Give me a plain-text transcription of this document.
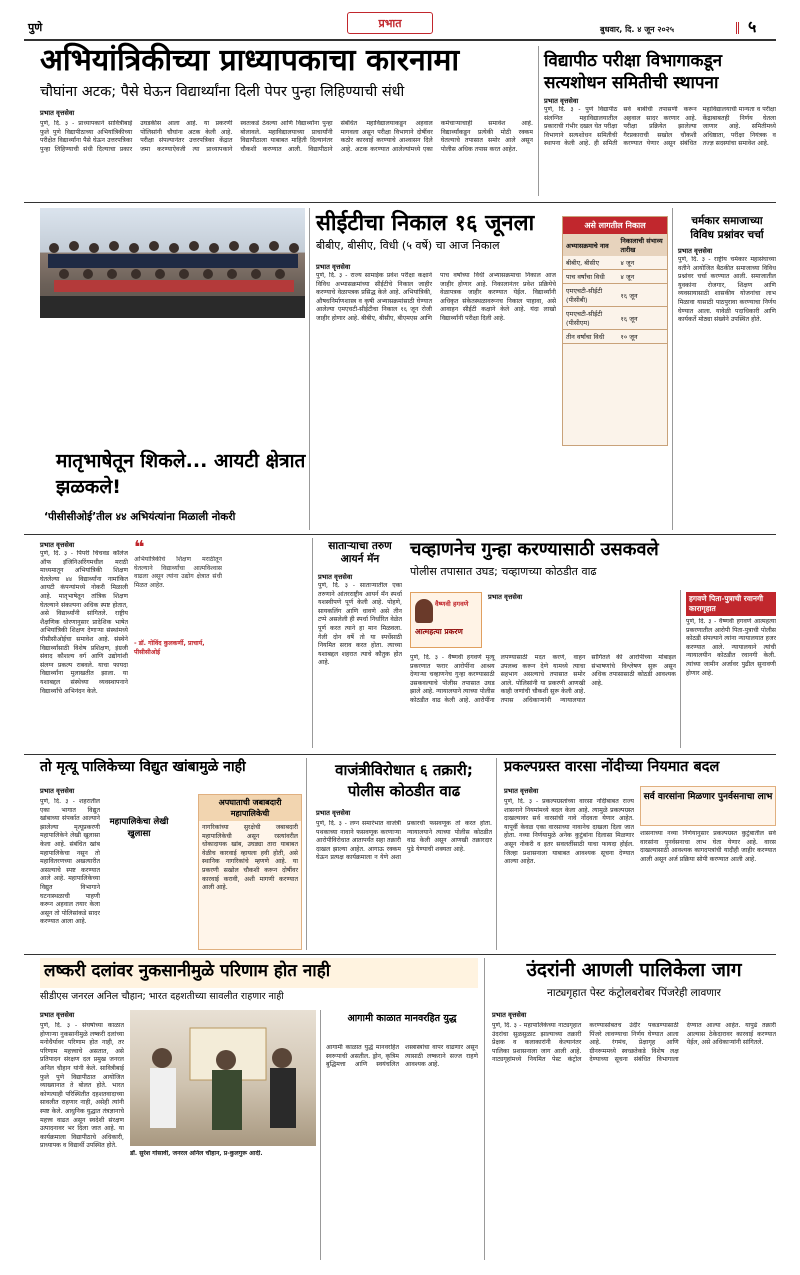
पुणे	प्रभात	बुधवार, दि. ४ जून २०२५	५
अभियांत्रिकीच्या प्राध्यापकाचा कारनामा
चौघांना अटक; पैसे घेऊन विद्यार्थ्यांना दिली पेपर पुन्हा लिहिण्याची संधी
प्रभात वृत्तसेवा
पुणे, दि. ३ - प्राध्यापकाने सावित्रीबाई फुले पुणे विद्यापीठाच्या अभियांत्रिकीच्या परीक्षेत विद्यार्थ्यांना पैसे घेऊन उत्तरपत्रिका पुन्हा लिहिण्याची संधी दिल्याचा प्रकार उघडकीस आला आहे. या प्रकरणी पोलिसांनी चौघांना अटक केली आहे. परीक्षा संपल्यानंतर उत्तरपत्रिका केंद्रात जमा करण्याऐवजी त्या प्राध्यापकाने स्वतःकडे ठेवल्या आणि विद्यार्थ्यांना पुन्हा बोलावले. महाविद्यालयाच्या प्राचार्यांनी विद्यापीठाला याबाबत माहिती दिल्यानंतर चौकशी करण्यात आली. विद्यापीठाने संबंधित महाविद्यालयाकडून अहवाल मागवला असून परीक्षा विभागाने दोषींवर कठोर कारवाई करण्याचे आश्वासन दिले आहे. अटक करण्यात आलेल्यांमध्ये एका कर्मचाऱ्याचाही समावेश आहे. विद्यार्थ्यांकडून प्रत्येकी मोठी रक्कम घेतल्याचे तपासात समोर आले असून पोलीस अधिक तपास करत आहेत.
विद्यापीठ परीक्षा विभागाकडून सत्यशोधन समितीची स्थापना
प्रभात वृत्तसेवा
पुणे, दि. ३ - पुणे विद्यापीठ संलग्नित महाविद्यालयातील प्रकाराची गंभीर दखल घेत परीक्षा विभागाने सत्यशोधन समितीची स्थापना केली आहे. ही समिती सर्व बाबींची तपासणी करून अहवाल सादर करणार आहे. परीक्षा प्रक्रियेत झालेल्या गैरप्रकाराची सखोल चौकशी करण्यात येणार असून संबंधित महाविद्यालयाची मान्यता व परीक्षा केंद्राबाबतही निर्णय घेतला जाणार आहे. समितीमध्ये अधिष्ठाता, परीक्षा नियंत्रक व तज्ज्ञ सदस्यांचा समावेश आहे.
मातृभाषेतून शिकले... आयटी क्षेत्रात झळकले!
‘पीसीसीओई’तील ४४ अभियंत्यांना मिळाली नोकरी
सीईटीचा निकाल १६ जूनला
बीबीए, बीसीए, विधी (५ वर्षे) चा आज निकाल
प्रभात वृत्तसेवा
पुणे, दि. ३ - राज्य सामाईक प्रवेश परीक्षा कक्षाने विविध अभ्यासक्रमांच्या सीईटीचे निकाल जाहीर करण्याचे वेळापत्रक प्रसिद्ध केले आहे. अभियांत्रिकी, औषधनिर्माणशास्त्र व कृषी अभ्यासक्रमांसाठी घेण्यात आलेल्या एमएचटी-सीईटीचा निकाल १६ जून रोजी जाहीर होणार आहे. बीबीए, बीसीए, बीएमएस आणि पाच वर्षांच्या विधी अभ्यासक्रमाचा निकाल आज जाहीर होणार आहे. निकालानंतर प्रवेश प्रक्रियेचे वेळापत्रक जाहीर करण्यात येईल. विद्यार्थ्यांनी अधिकृत संकेतस्थळावरूनच निकाल पाहावा, असे आवाहन सीईटी कक्षाने केले आहे. यंदा लाखो विद्यार्थ्यांनी परीक्षा दिली आहे.
असे लागतील निकाल
अभ्यासक्रमाचे नाव	निकालाची संभाव्य तारीख
बीबीए, बीसीए	४ जून
पाच वर्षांचा विधी	४ जून
एमएचटी-सीईटी (पीसीबी)	१६ जून
एमएचटी-सीईटी (पीसीएम)	१६ जून
तीन वर्षांचा विधी	१० जून
चर्मकार समाजाच्या विविध प्रश्नांवर चर्चा
प्रभात वृत्तसेवा
पुणे, दि. ३ - राष्ट्रीय चर्मकार महासंघाच्या वतीने आयोजित बैठकीत समाजाच्या विविध प्रश्नांवर चर्चा करण्यात आली. समाजातील युवकांना रोजगार, शिक्षण आणि व्यवसायासाठी शासकीय योजनांचा लाभ मिळावा यासाठी पाठपुरावा करण्याचा निर्णय घेण्यात आला. यावेळी पदाधिकारी आणि कार्यकर्ते मोठ्या संख्येने उपस्थित होते.
प्रभात वृत्तसेवा
पुणे, दि. ३ - पिंपरी चिंचवड कॉलेज ऑफ इंजिनिअरिंगमधील मराठी माध्यमातून अभियांत्रिकी शिक्षण घेतलेल्या ४४ विद्यार्थ्यांना नामांकित आयटी कंपन्यांमध्ये नोकरी मिळाली आहे. मातृभाषेतून तांत्रिक शिक्षण घेतल्याने संकल्पना अधिक स्पष्ट होतात, असे विद्यार्थ्यांनी सांगितले. राष्ट्रीय शैक्षणिक धोरणानुसार प्रादेशिक भाषेत अभियांत्रिकी शिक्षण देणाऱ्या संस्थांमध्ये पीसीसीओईचा समावेश आहे. संस्थेने विद्यार्थ्यांसाठी विशेष प्रशिक्षण, इंग्रजी संवाद कौशल्य वर्ग आणि उद्योगांशी संलग्न प्रकल्प राबवले. याचा फायदा विद्यार्थ्यांना मुलाखतीत झाला. या यशाबद्दल संस्थेच्या व्यवस्थापनाने विद्यार्थ्यांचे अभिनंदन केले.
❝
अभियांत्रिकीचे शिक्षण मराठीतून घेतल्याने विद्यार्थ्यांचा आत्मविश्वास वाढला असून त्यांना उद्योग क्षेत्रात संधी मिळत आहेत.
- डॉ. गोविंद कुलकर्णी, प्राचार्य, पीसीसीओई
साताऱ्याचा तरुण आयर्न मॅन
प्रभात वृत्तसेवा
पुणे, दि. ३ - साताऱ्यातील एका तरुणाने आंतरराष्ट्रीय आयर्न मॅन स्पर्धा यशस्वीपणे पूर्ण केली आहे. पोहणे, सायकलिंग आणि धावणे असे तीन टप्पे असलेली ही स्पर्धा निर्धारित वेळेत पूर्ण करत त्याने हा मान मिळवला. गेली दोन वर्षे तो या स्पर्धेसाठी नियमित सराव करत होता. त्याच्या यशाबद्दल शहरात त्याचे कौतुक होत आहे.
चव्हाणनेच गुन्हा करण्यासाठी उसकवले
पोलीस तपासात उघड; चव्हाणच्या कोठडीत वाढ
वैष्णवी हगवणे
आत्महत्या प्रकरण
प्रभात वृत्तसेवा
पुणे, दि. ३ - वैष्णवी हगवणे मृत्यू प्रकरणात फरार आरोपींना आश्रय देणाऱ्या चव्हाणनेच गुन्हा करण्यासाठी उसकवल्याचे पोलीस तपासात उघड झाले आहे. न्यायालयाने त्याच्या पोलीस कोठडीत वाढ केली आहे. आरोपींना लपण्यासाठी मदत करणे, वाहन उपलब्ध करून देणे यामध्ये त्याचा सहभाग असल्याचे तपासात समोर आले. पोलिसांनी या प्रकरणी आणखी काही जणांची चौकशी सुरू केली आहे. तपास अधिकाऱ्यांनी न्यायालयात सांगितले की आरोपींच्या मोबाइल संभाषणांचे विश्लेषण सुरू असून अधिक तपासासाठी कोठडी आवश्यक आहे.
हगवणे पिता-पुत्राची रवानगी कारागृहात
पुणे, दि. ३ - वैष्णवी हगवणे आत्महत्या प्रकरणातील आरोपी पिता-पुत्राची पोलीस कोठडी संपल्याने त्यांना न्यायालयात हजर करण्यात आले. न्यायालयाने त्यांची न्यायालयीन कोठडीत रवानगी केली. त्यांच्या जामीन अर्जावर पुढील सुनावणी होणार आहे.
तो मृत्यू पालिकेच्या विद्युत खांबामुळे नाही
प्रभात वृत्तसेवा
पुणे, दि. ३ - शहरातील एका भागात विद्युत खांबाच्या संपर्कात आल्याने झालेल्या मृत्यूप्रकरणी महापालिकेने लेखी खुलासा केला आहे. संबंधित खांब महापालिकेचा नसून तो महावितरणच्या अखत्यारीत असल्याचे स्पष्ट करण्यात आले आहे. महापालिकेच्या विद्युत विभागाने घटनास्थळाची पाहणी करून अहवाल तयार केला असून तो पोलिसांकडे सादर करण्यात आला आहे.
महापालिकेचा लेखी खुलासा
अपघाताची जबाबदारी महापालिकेची
नागरिकांच्या सुरक्षेची जबाबदारी महापालिकेची असून रस्त्यांवरील धोकादायक खांब, उघड्या तारा याबाबत वेळीच कारवाई व्हायला हवी होती, असे स्थानिक नागरिकांचे म्हणणे आहे. या प्रकरणी सखोल चौकशी करून दोषींवर कारवाई करावी, अशी मागणी करण्यात आली आहे.
वाजंत्रीविरोधात ६ तक्रारी; पोलीस कोठडीत वाढ
प्रभात वृत्तसेवा
पुणे, दि. ३ - लग्न समारंभात वाजंत्री पथकाच्या नावाने फसवणूक करणाऱ्या आरोपीविरोधात आतापर्यंत सहा तक्रारी दाखल झाल्या आहेत. आगाऊ रक्कम घेऊन प्रत्यक्ष कार्यक्रमाला न येणे अशा प्रकारची फसवणूक तो करत होता. न्यायालयाने त्याच्या पोलीस कोठडीत वाढ केली असून आणखी तक्रारदार पुढे येण्याची शक्यता आहे.
प्रकल्पग्रस्त वारसा नोंदीच्या नियमात बदल
प्रभात वृत्तसेवा
पुणे, दि. ३ - प्रकल्पग्रस्तांच्या वारसा नोंदीबाबत राज्य शासनाने नियमांमध्ये बदल केला आहे. त्यामुळे प्रकल्पग्रस्त दाखल्यावर सर्व वारसांची नावे नोंदवता येणार आहेत. यापूर्वी केवळ एका वारसाच्या नावानेच दाखला दिला जात होता. नव्या निर्णयामुळे अनेक कुटुंबांना दिलासा मिळणार असून नोकरी व इतर सवलतींसाठी याचा फायदा होईल. जिल्हा प्रशासनाला याबाबत आवश्यक सूचना देण्यात आल्या आहेत.
सर्व वारसांना मिळणार पुनर्वसनाचा लाभ
शासनाच्या नव्या निर्णयानुसार प्रकल्पग्रस्त कुटुंबातील सर्व वारसांना पुनर्वसनाचा लाभ घेता येणार आहे. वारस दाखल्यासाठी आवश्यक कागदपत्रांची यादीही जाहीर करण्यात आली असून अर्ज प्रक्रिया सोपी करण्यात आली आहे.
लष्करी दलांवर नुकसानीमुळे परिणाम होत नाही
सीडीएस जनरल अनिल चौहान; भारत दहशतीच्या सावलीत राहणार नाही
प्रभात वृत्तसेवा
पुणे, दि. ३ - संघर्षाच्या काळात होणाऱ्या नुकसानीमुळे लष्करी दलांच्या मनोधैर्यावर परिणाम होत नाही, तर परिणाम महत्त्वाचे असतात, असे प्रतिपादन संरक्षण दल प्रमुख जनरल अनिल चौहान यांनी केले. सावित्रीबाई फुले पुणे विद्यापीठात आयोजित व्याख्यानात ते बोलत होते. भारत कोणत्याही परिस्थितीत दहशतवादाच्या सावलीत राहणार नाही, असेही त्यांनी स्पष्ट केले. आधुनिक युद्धात तंत्रज्ञानाचे महत्त्व वाढत असून स्वदेशी संरक्षण उत्पादनावर भर दिला जात आहे. या कार्यक्रमाला विद्यापीठाचे अधिकारी, प्राध्यापक व विद्यार्थी उपस्थित होते.
डॉ. सुरेश गोसावी, जनरल अनिल चौहान, प्र-कुलगुरू आदी.
आगामी काळात मानवरहित युद्ध
आगामी काळात युद्धे मानवरहित स्वरूपाची असतील. ड्रोन, कृत्रिम बुद्धिमत्ता आणि स्वयंचलित शस्त्रास्त्रांचा वापर वाढणार असून त्यासाठी लष्कराने सज्ज राहणे आवश्यक आहे.
उंदरांनी आणली पालिकेला जाग
नाट्यगृहात पेस्ट कंट्रोलबरोबर पिंजरेही लावणार
प्रभात वृत्तसेवा
पुणे, दि. ३ - महापालिकेच्या नाट्यगृहात उंदरांचा सुळसुळाट झाल्याच्या तक्रारी प्रेक्षक व कलाकारांनी केल्यानंतर पालिका प्रशासनाला जाग आली आहे. नाट्यगृहांमध्ये नियमित पेस्ट कंट्रोल करण्यासोबतच उंदीर पकडण्यासाठी पिंजरे लावण्याचा निर्णय घेण्यात आला आहे. रंगमंच, प्रेक्षागृह आणि ग्रीनरूममध्ये स्वच्छतेकडे विशेष लक्ष देण्याच्या सूचना संबंधित विभागाला देण्यात आल्या आहेत. यापुढे तक्रारी आल्यास ठेकेदारावर कारवाई करण्यात येईल, असे अधिकाऱ्यांनी सांगितले.
